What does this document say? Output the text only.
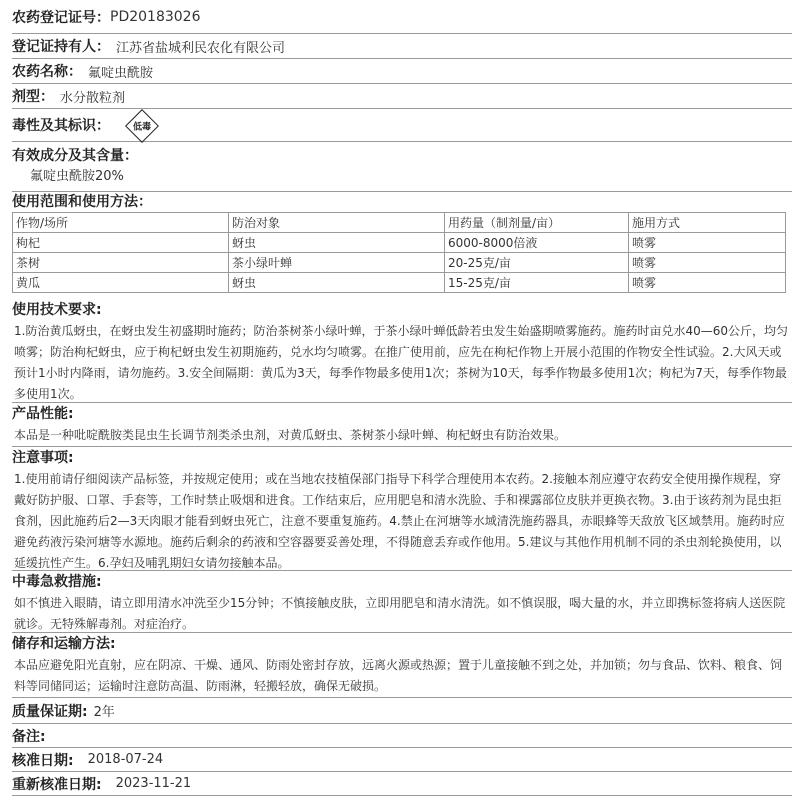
农药登记证号： PD20183026
登记证持有人： 江苏省盐城利民农化有限公司
农药名称： 氟啶虫酰胺
剂型： 水分散粒剂
毒性及其标识：	低毒
有效成分及其含量：
氟啶虫酰胺20%
使用范围和使用方法：
作物/场所	防治对象	用药量（制剂量/亩）	施用方式
枸杞	蚜虫	6000-8000倍液	喷雾
茶树	茶小绿叶蝉	20-25克/亩	喷雾
黄瓜	蚜虫	15-25克/亩	喷雾
使用技术要求:

1.防治黄瓜蚜虫，在蚜虫发生初盛期时施药；防治茶树茶小绿叶蝉，于茶小绿叶蝉低龄若虫发生始盛期喷雾施药。施药时亩兑水40—60公斤，均匀喷雾；防治枸杞蚜虫，应于枸杞蚜虫发生初期施药，兑水均匀喷雾。在推广使用前，应先在枸杞作物上开展小范围的作物安全性试验。2.大风天或预计1小时内降雨，请勿施药。3.安全间隔期：黄瓜为3天，每季作物最多使用1次；茶树为10天，每季作物最多使用1次；枸杞为7天，每季作物最多使用1次。

产品性能:

本品是一种吡啶酰胺类昆虫生长调节剂类杀虫剂，对黄瓜蚜虫、茶树茶小绿叶蝉、枸杞蚜虫有防治效果。

注意事项:

1.使用前请仔细阅读产品标签，并按规定使用；或在当地农技植保部门指导下科学合理使用本农药。2.接触本剂应遵守农药安全使用操作规程，穿戴好防护服、口罩、手套等，工作时禁止吸烟和进食。工作结束后，应用肥皂和清水洗脸、手和裸露部位皮肤并更换衣物。3.由于该药剂为昆虫拒食剂，因此施药后2—3天肉眼才能看到蚜虫死亡，注意不要重复施药。4.禁止在河塘等水域清洗施药器具，赤眼蜂等天敌放飞区域禁用。施药时应避免药液污染河塘等水源地。施药后剩余的药液和空容器要妥善处理，不得随意丢弃或作他用。5.建议与其他作用机制不同的杀虫剂轮换使用，以延缓抗性产生。6.孕妇及哺乳期妇女请勿接触本品。

中毒急救措施:

如不慎进入眼睛，请立即用清水冲洗至少15分钟；不慎接触皮肤，立即用肥皂和清水清洗。如不慎误服，喝大量的水，并立即携标签将病人送医院就诊。无特殊解毒剂。对症治疗。

储存和运输方法:

本品应避免阳光直射，应在阴凉、干燥、通风、防雨处密封存放，远离火源或热源；置于儿童接触不到之处，并加锁；勿与食品、饮料、粮食、饲料等同储同运；运输时注意防高温、防雨淋，轻搬轻放，确保无破损。

质量保证期: 2年
备注:
核准日期: 2018-07-24
重新核准日期: 2023-11-21
